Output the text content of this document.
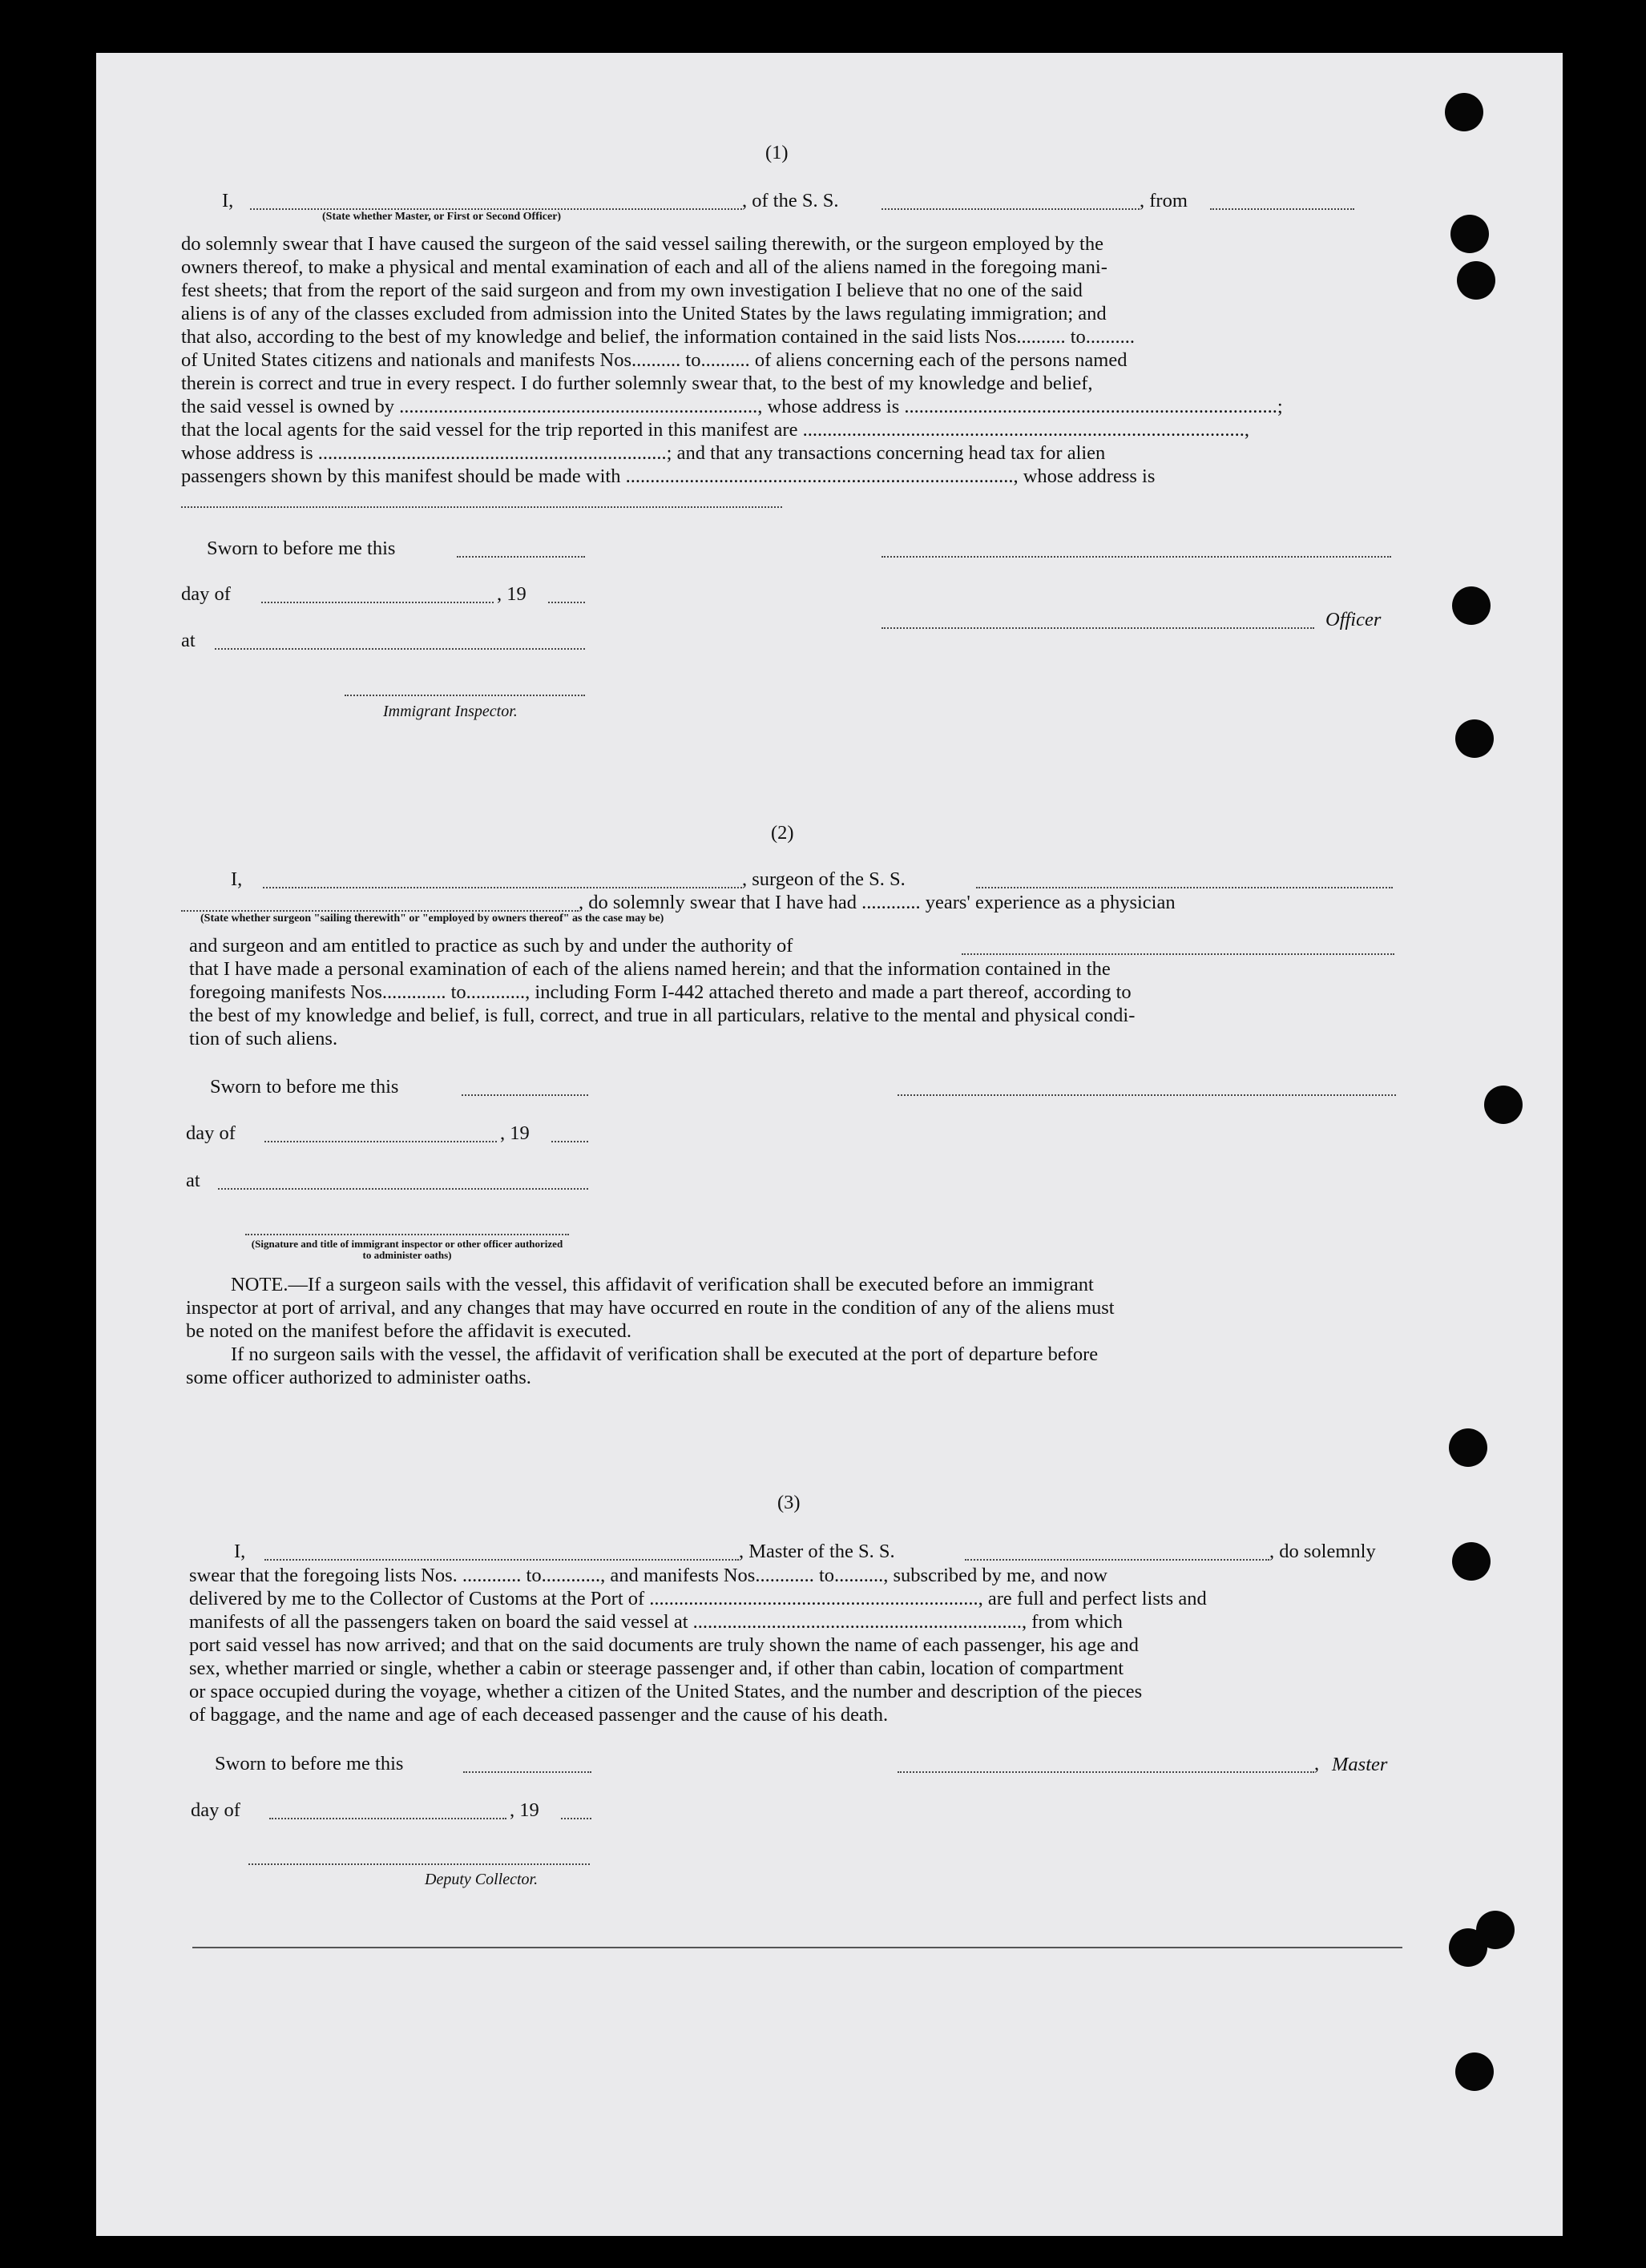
(1)
I,	, of the S. S.	, from
(State whether Master, or First or Second Officer)
do solemnly swear that I have caused the surgeon of the said vessel sailing therewith, or the surgeon employed by the
owners thereof, to make a physical and mental examination of each and all of the aliens named in the foregoing mani-
fest sheets; that from the report of the said surgeon and from my own investigation I believe that no one of the said
aliens is of any of the classes excluded from admission into the United States by the laws regulating immigration; and
that also, according to the best of my knowledge and belief, the information contained in the said lists Nos.......... to..........
of United States citizens and nationals and manifests Nos.......... to.......... of aliens concerning each of the persons named
therein is correct and true in every respect. I do further solemnly swear that, to the best of my knowledge and belief,
the said vessel is owned by ........................................................................., whose address is ............................................................................;
that the local agents for the said vessel for the trip reported in this manifest are ..........................................................................................,
whose address is .......................................................................; and that any transactions concerning head tax for alien
passengers shown by this manifest should be made with ..............................................................................., whose address is
Sworn to before me this
day of	, 19
Officer
at
Immigrant Inspector.
(2)
I,	, surgeon of the S. S.
, do solemnly swear that I have had ............ years' experience as a physician
(State whether surgeon "sailing therewith" or "employed by owners thereof" as the case may be)
and surgeon and am entitled to practice as such by and under the authority of
that I have made a personal examination of each of the aliens named herein; and that the information contained in the
foregoing manifests Nos............. to............, including Form I-442 attached thereto and made a part thereof, according to
the best of my knowledge and belief, is full, correct, and true in all particulars, relative to the mental and physical condi-
tion of such aliens.
Sworn to before me this
day of	, 19
at
(Signature and title of immigrant inspector or other officer authorized to administer oaths)
NOTE.—If a surgeon sails with the vessel, this affidavit of verification shall be executed before an immigrant
inspector at port of arrival, and any changes that may have occurred en route in the condition of any of the aliens must
be noted on the manifest before the affidavit is executed.
If no surgeon sails with the vessel, the affidavit of verification shall be executed at the port of departure before
some officer authorized to administer oaths.
(3)
I,	, Master of the S. S.	, do solemnly
swear that the foregoing lists Nos. ............ to............, and manifests Nos............ to.........., subscribed by me, and now
delivered by me to the Collector of Customs at the Port of ..................................................................., are full and perfect lists and
manifests of all the passengers taken on board the said vessel at ..................................................................., from which
port said vessel has now arrived; and that on the said documents are truly shown the name of each passenger, his age and
sex, whether married or single, whether a cabin or steerage passenger and, if other than cabin, location of compartment
or space occupied during the voyage, whether a citizen of the United States, and the number and description of the pieces
of baggage, and the name and age of each deceased passenger and the cause of his death.
Sworn to before me this	, Master
day of	, 19
Deputy Collector.
